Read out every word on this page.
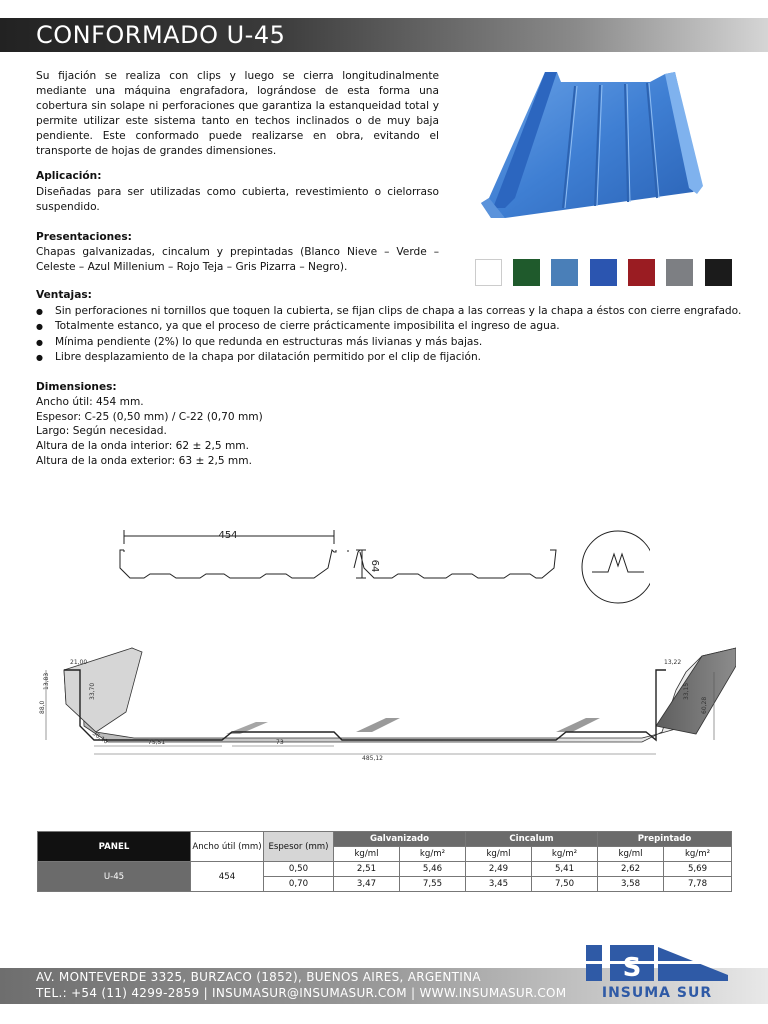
CONFORMADO U-45

Su fijación se realiza con clips y luego se cierra longitudinalmente mediante una máquina engrafadora, lográndose de esta forma una cobertura sin solape ni perforaciones que garantiza la estanqueidad total y permite utilizar este sistema tanto en techos inclinados o de muy baja pendiente. Este conformado puede realizarse en obra, evitando el transporte de hojas de grandes dimensiones.

Aplicación:

Diseñadas para ser utilizadas como cubierta, revestimiento o cielorraso suspendido.

Presentaciones:

Chapas galvanizadas, cincalum y prepintadas (Blanco Nieve – Verde – Celeste – Azul Millenium – Rojo Teja – Gris Pizarra – Negro).

Ventajas:

● Sin perforaciones ni tornillos que toquen la cubierta, se fijan clips de chapa a las correas y la chapa a éstos con cierre engrafado.
● Totalmente estanco, ya que el proceso de cierre prácticamente imposibilita el ingreso de agua.
● Mínima pendiente (2%) lo que redunda en estructuras más livianas y más bajas.
● Libre desplazamiento de la chapa por dilatación permitido por el clip de fijación.
Dimensiones:
Ancho útil: 454 mm.
Espesor: C-25 (0,50 mm) / C-22 (0,70 mm)
Largo: Según necesidad.
Altura de la onda interior: 62 ± 2,5 mm.
Altura de la onda exterior: 63 ± 2,5 mm.
454
64
21,00
13,83
33,70
88,0
36,16	75,51	73
13,22
33,15
60,28
485,12
PANEL	Ancho útil (mm)	Espesor (mm)	Galvanizado		Cincalum		Prepintado	
			kg/ml	kg/m²	kg/ml	kg/m²	kg/ml	kg/m²
U-45	454	0,50	2,51	5,46	2,49	5,41	2,62	5,69
		0,70	3,47	7,55	3,45	7,50	3,58	7,78
AV. MONTEVERDE 3325, BURZACO (1852), BUENOS AIRES, ARGENTINA
TEL.: +54 (11) 4299-2859 | INSUMASUR@INSUMASUR.COM | WWW.INSUMASUR.COM
S
INSUMA SUR
